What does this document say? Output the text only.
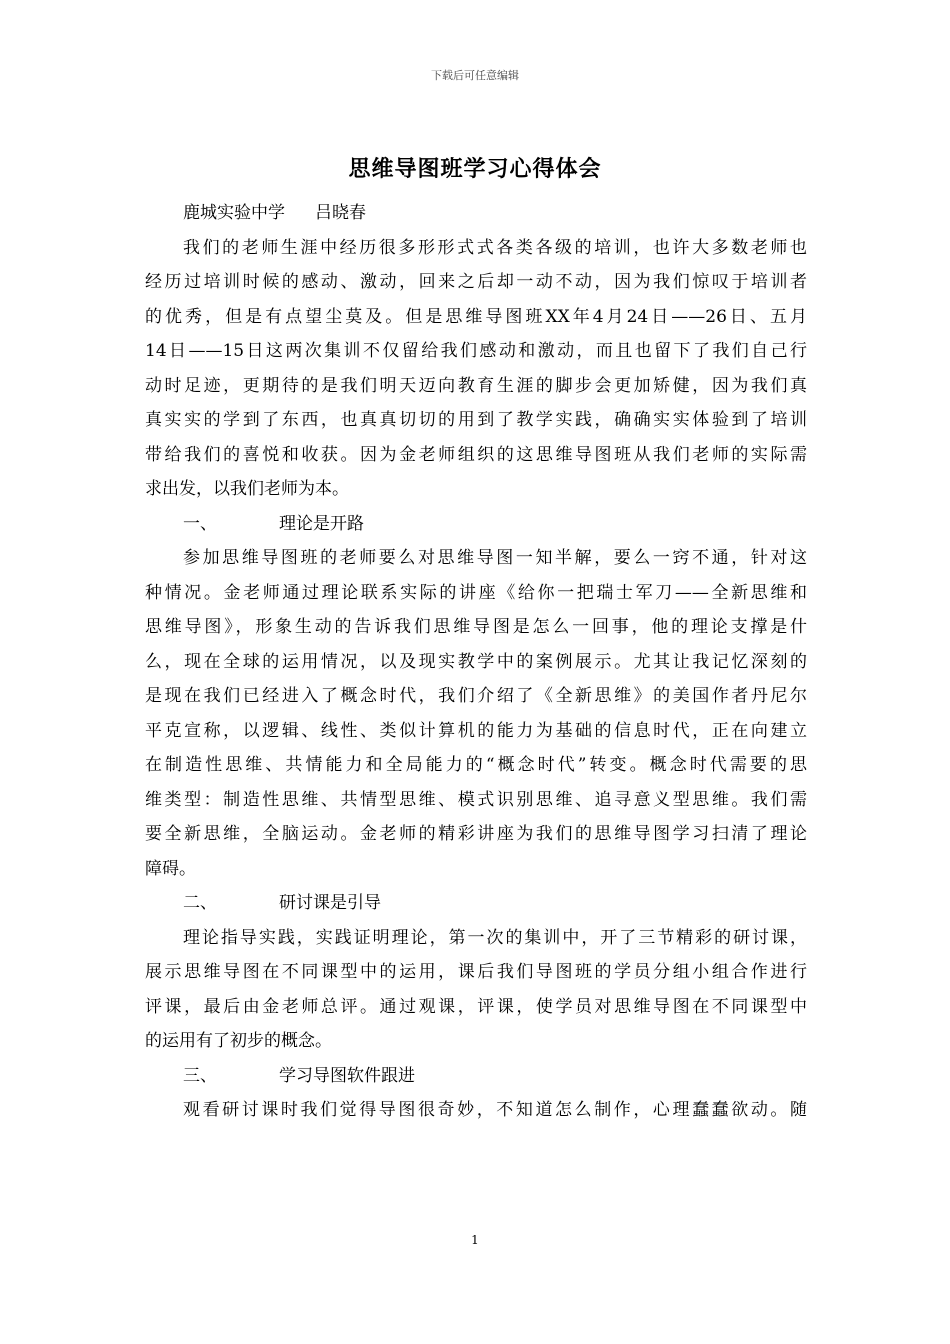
下载后可任意编辑
思维导图班学习心得体会
鹿城实验中学 吕晓春
我们的老师生涯中经历很多形形式式各类各级的培训，也许大多数老师也
经历过培训时候的感动、激动，回来之后却一动不动，因为我们惊叹于培训者
的优秀，但是有点望尘莫及。但是思维导图班XX年4月24日——26日、五月
14日——15日这两次集训不仅留给我们感动和激动，而且也留下了我们自己行
动时足迹，更期待的是我们明天迈向教育生涯的脚步会更加矫健，因为我们真
真实实的学到了东西，也真真切切的用到了教学实践，确确实实体验到了培训
带给我们的喜悦和收获。因为金老师组织的这思维导图班从我们老师的实际需
求出发，以我们老师为本。
一、	理论是开路
参加思维导图班的老师要么对思维导图一知半解，要么一窍不通，针对这
种情况。金老师通过理论联系实际的讲座《给你一把瑞士军刀——全新思维和
思维导图》，形象生动的告诉我们思维导图是怎么一回事，他的理论支撑是什
么，现在全球的运用情况，以及现实教学中的案例展示。尤其让我记忆深刻的
是现在我们已经进入了概念时代，我们介绍了《全新思维》的美国作者丹尼尔
平克宣称，以逻辑、线性、类似计算机的能力为基础的信息时代，正在向建立
在制造性思维、共情能力和全局能力的“概念时代”转变。概念时代需要的思
维类型：制造性思维、共情型思维、模式识别思维、追寻意义型思维。我们需
要全新思维，全脑运动。金老师的精彩讲座为我们的思维导图学习扫清了理论
障碍。
二、	研讨课是引导
理论指导实践，实践证明理论，第一次的集训中，开了三节精彩的研讨课，
展示思维导图在不同课型中的运用，课后我们导图班的学员分组小组合作进行
评课，最后由金老师总评。通过观课，评课，使学员对思维导图在不同课型中
的运用有了初步的概念。
三、	学习导图软件跟进
观看研讨课时我们觉得导图很奇妙，不知道怎么制作，心理蠢蠢欲动。随
1
